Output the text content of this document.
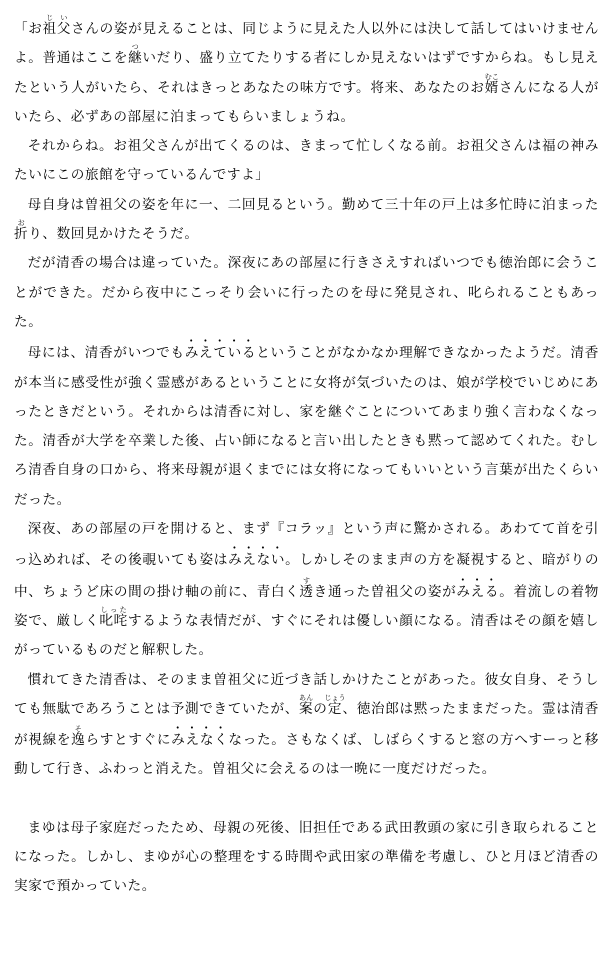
「お祖父じいさんの姿が見えることは、同じように見えた人以外には決して話してはいけませんよ。普通はここを継ついだり、盛り立てたりする者にしか見えないはずですからね。もし見えたという人がいたら、それはきっとあなたの味方です。将来、あなたのお婿むこさんになる人がいたら、必ずあの部屋に泊まってもらいましょうね。

それからね。お祖父さんが出てくるのは、きまって忙しくなる前。お祖父さんは福の神みたいにこの旅館を守っているんですよ」

母自身は曽祖父の姿を年に一、二回見るという。勤めて三十年の戸上は多忙時に泊まった折おり、数回見かけたそうだ。

だが清香の場合は違っていた。深夜にあの部屋に行きさえすればいつでも徳治郎に会うことができた。だから夜中にこっそり会いに行ったのを母に発見され、叱られることもあった。

母には、清香がいつでもみえているということがなかなか理解できなかったようだ。清香が本当に感受性が強く霊感があるということに女将が気づいたのは、娘が学校でいじめにあったときだという。それからは清香に対し、家を継ぐことについてあまり強く言わなくなった。清香が大学を卒業した後、占い師になると言い出したときも黙って認めてくれた。むしろ清香自身の口から、将来母親が退くまでには女将になってもいいという言葉が出たくらいだった。

深夜、あの部屋の戸を開けると、まず『コラッ』という声に驚かされる。あわてて首を引っ込めれば、その後覗いても姿はみえない。しかしそのまま声の方を凝視すると、暗がりの中、ちょうど床の間の掛け軸の前に、青白く透すき通った曽祖父の姿がみえる。着流しの着物姿で、厳しく叱咤しったするような表情だが、すぐにそれは優しい顔になる。清香はその顔を嬉しがっているものだと解釈した。

慣れてきた清香は、そのまま曽祖父に近づき話しかけたことがあった。彼女自身、そうしても無駄であろうことは予測できていたが、案あんの定じょう、徳治郎は黙ったままだった。霊は清香が視線を逸そらすとすぐにみえなくなった。さもなくば、しばらくすると窓の方へすーっと移動して行き、ふわっと消えた。曽祖父に会えるのは一晩に一度だけだった。

まゆは母子家庭だったため、母親の死後、旧担任である武田教頭の家に引き取られることになった。しかし、まゆが心の整理をする時間や武田家の準備を考慮し、ひと月ほど清香の実家で預かっていた。
